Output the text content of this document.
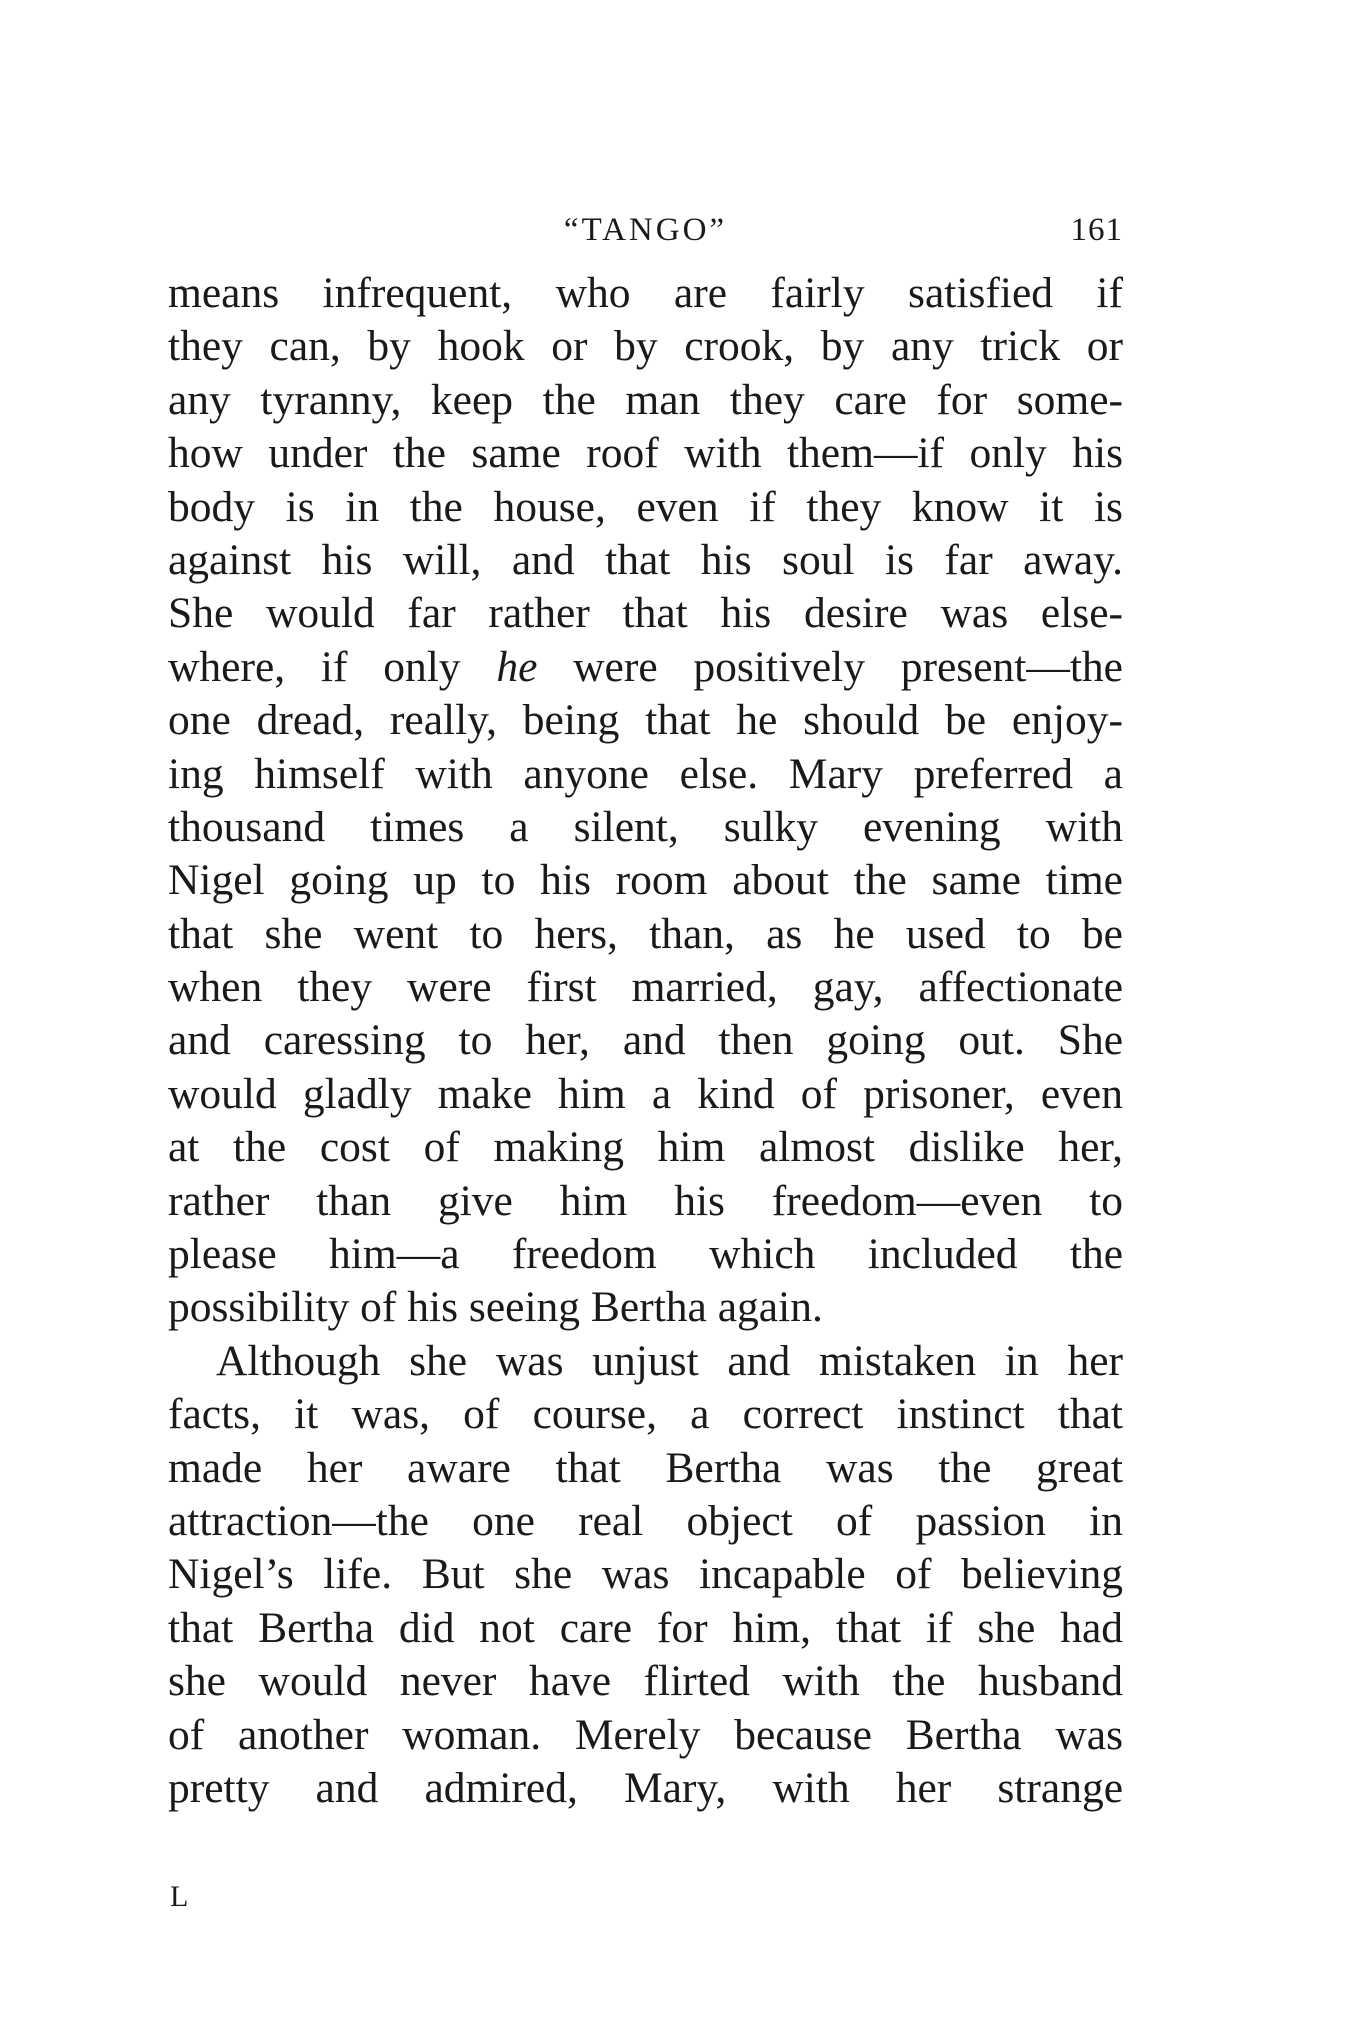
“TANGO”	161
means infrequent, who are fairly satisfied if
they can, by hook or by crook, by any trick or
any tyranny, keep the man they care for some-
how under the same roof with them—if only his
body is in the house, even if they know it is
against his will, and that his soul is far away.
She would far rather that his desire was else-
where, if only he were positively present—the
one dread, really, being that he should be enjoy-
ing himself with anyone else. Mary preferred a
thousand times a silent, sulky evening with
Nigel going up to his room about the same time
that she went to hers, than, as he used to be
when they were first married, gay, affectionate
and caressing to her, and then going out. She
would gladly make him a kind of prisoner, even
at the cost of making him almost dislike her,
rather than give him his freedom—even to
please him—a freedom which included the
possibility of his seeing Bertha again.
Although she was unjust and mistaken in her
facts, it was, of course, a correct instinct that
made her aware that Bertha was the great
attraction—the one real object of passion in
Nigel’s life. But she was incapable of believing
that Bertha did not care for him, that if she had
she would never have flirted with the husband
of another woman. Merely because Bertha was
pretty and admired, Mary, with her strange
L
